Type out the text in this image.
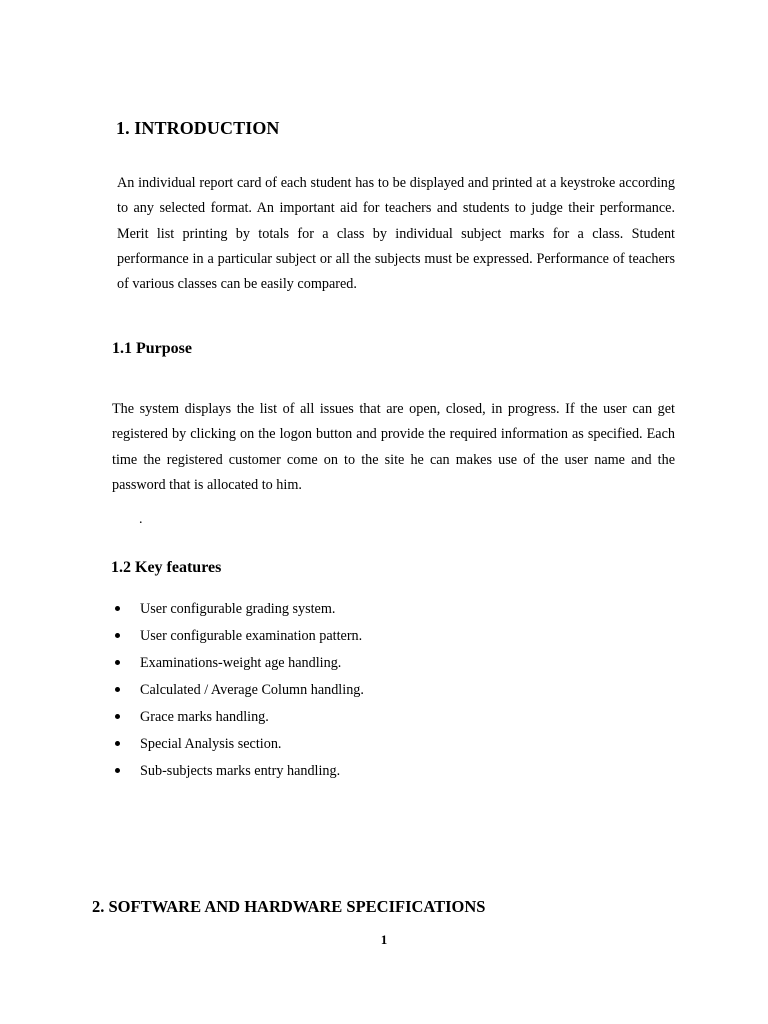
1. INTRODUCTION

An individual report card of each student has to be displayed and printed at a keystroke according to any selected format. An important aid for teachers and students to judge their performance. Merit list printing by totals for a class by individual subject marks for a class. Student performance in a particular subject or all the subjects must be expressed. Performance of teachers of various classes can be easily compared.

1.1 Purpose

The system displays the list of all issues that are open, closed, in progress. If the user can get registered by clicking on the logon button and provide the required information as specified. Each time the registered customer come on to the site he can makes use of the user name and the password that is allocated to him.

.
1.2 Key features
User configurable grading system.
User configurable examination pattern.
Examinations-weight age handling.
Calculated / Average Column handling.
Grace marks handling.
Special Analysis section.
Sub-subjects marks entry handling.
2. SOFTWARE AND HARDWARE SPECIFICATIONS
1
